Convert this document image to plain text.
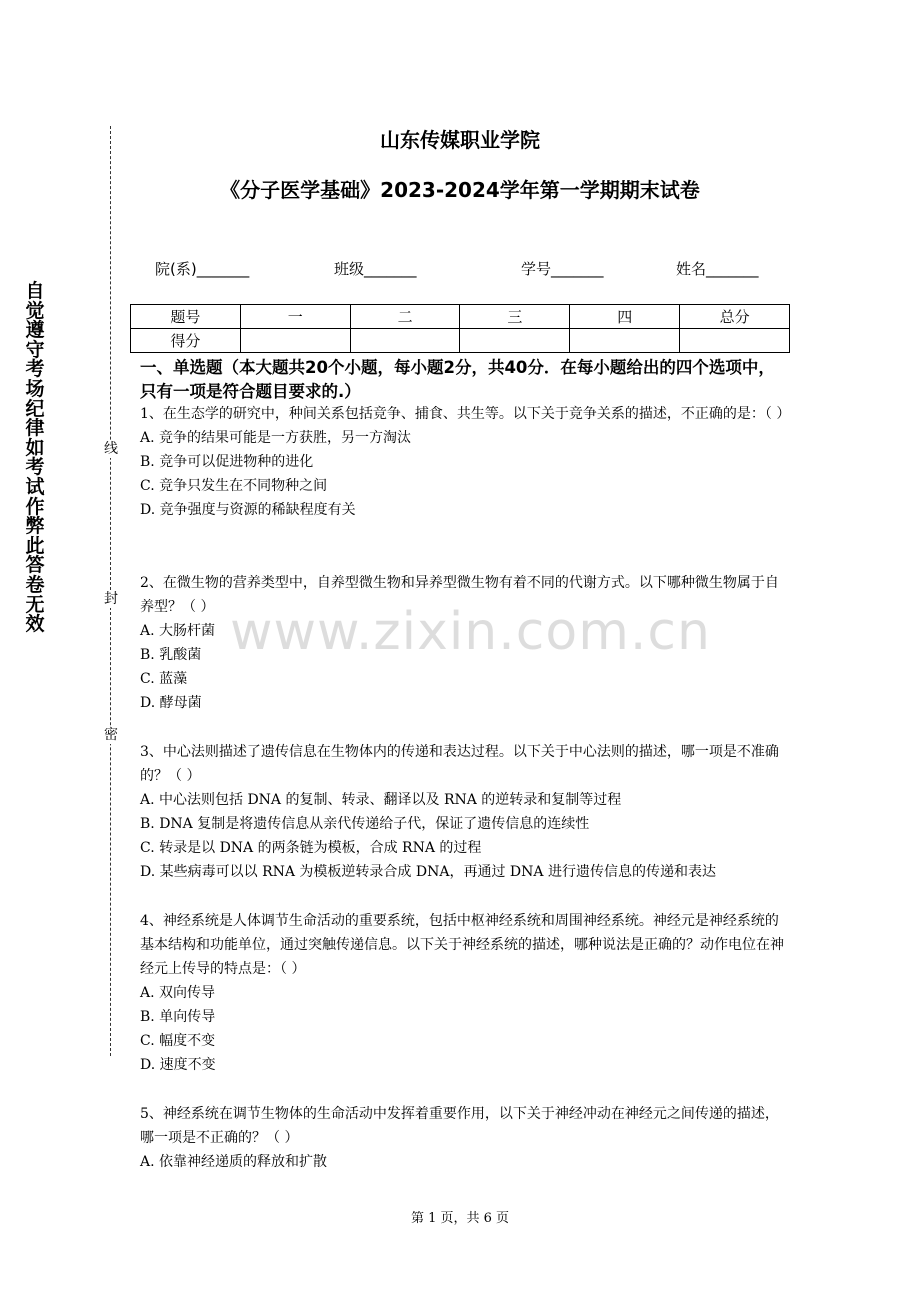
自觉遵守考场纪律如考试作弊此答卷无效
线
封
密
山东传媒职业学院
《分子医学基础》2023-2024学年第一学期期末试卷
院(系)_______	班级_______	学号_______	姓名_______
题号	一	二	三	四	总分
得分					
一、单选题（本大题共20个小题，每小题2分，共40分．在每小题给出的四个选项中，只有一项是符合题目要求的.）

1、在生态学的研究中，种间关系包括竞争、捕食、共生等。以下关于竞争关系的描述，不正确的是：（ ）

A. 竞争的结果可能是一方获胜，另一方淘汰

B. 竞争可以促进物种的进化

C. 竞争只发生在不同物种之间

D. 竞争强度与资源的稀缺程度有关

2、在微生物的营养类型中，自养型微生物和异养型微生物有着不同的代谢方式。以下哪种微生物属于自养型？（ ）

A. 大肠杆菌

B. 乳酸菌

C. 蓝藻

D. 酵母菌

3、中心法则描述了遗传信息在生物体内的传递和表达过程。以下关于中心法则的描述，哪一项是不准确的？（ ）

A. 中心法则包括 DNA 的复制、转录、翻译以及 RNA 的逆转录和复制等过程

B. DNA 复制是将遗传信息从亲代传递给子代，保证了遗传信息的连续性

C. 转录是以 DNA 的两条链为模板，合成 RNA 的过程

D. 某些病毒可以以 RNA 为模板逆转录合成 DNA，再通过 DNA 进行遗传信息的传递和表达

4、神经系统是人体调节生命活动的重要系统，包括中枢神经系统和周围神经系统。神经元是神经系统的基本结构和功能单位，通过突触传递信息。以下关于神经系统的描述，哪种说法是正确的？动作电位在神经元上传导的特点是：（ ）

A. 双向传导

B. 单向传导

C. 幅度不变

D. 速度不变

5、神经系统在调节生物体的生命活动中发挥着重要作用，以下关于神经冲动在神经元之间传递的描述，哪一项是不正确的？（ ）

A. 依靠神经递质的释放和扩散

www.zixin.com.cn
第 1 页，共 6 页
